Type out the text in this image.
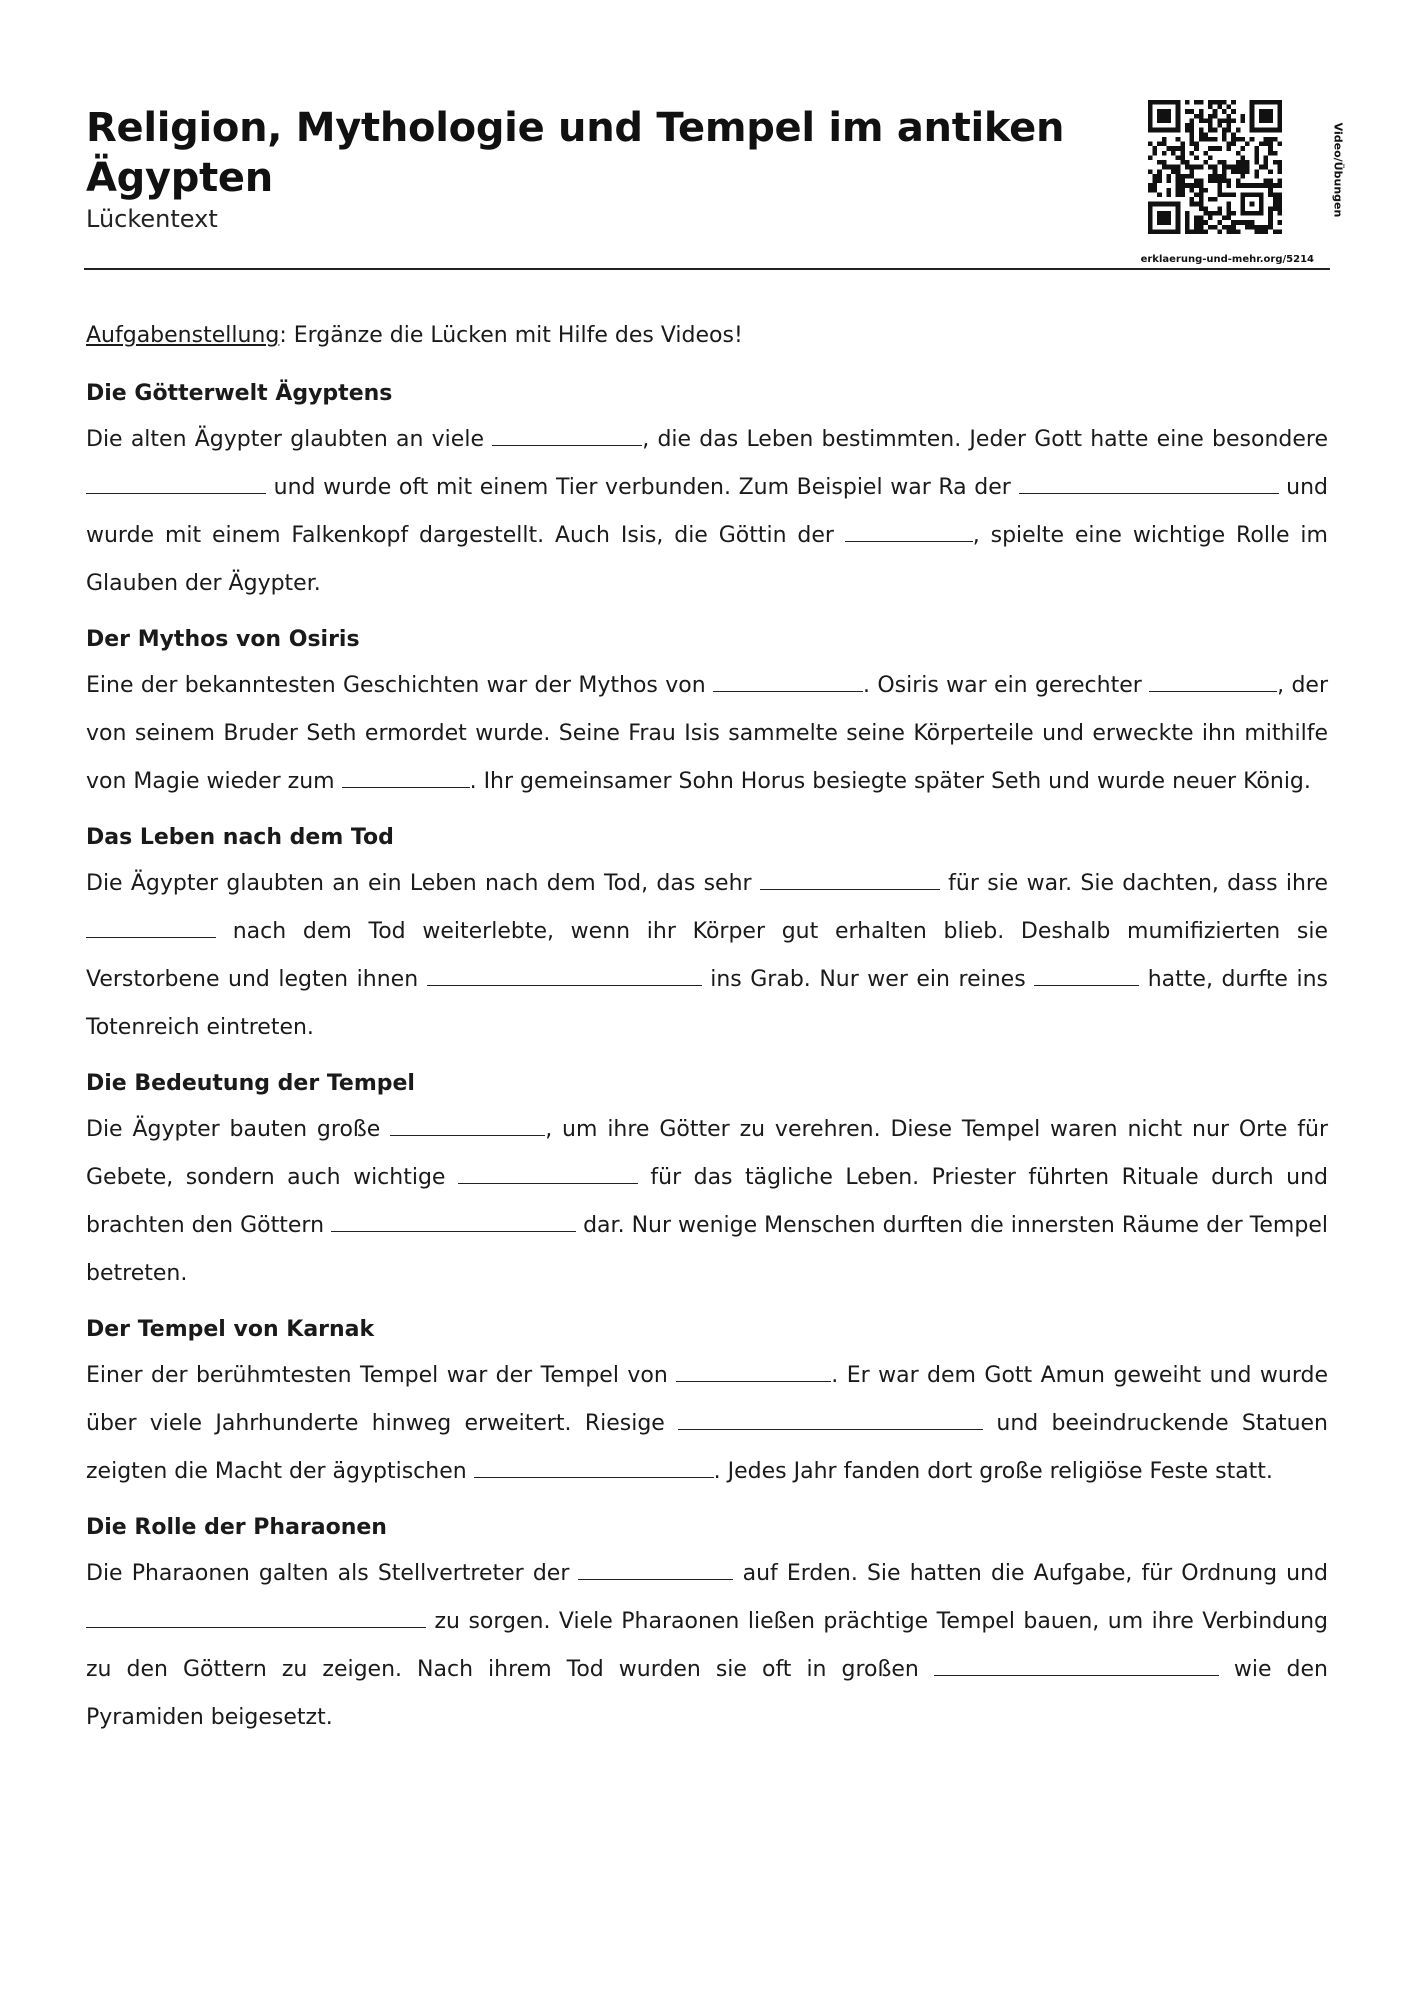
Religion, Mythologie und Tempel im antiken Ägypten

Lückentext

Video/Übungen
erklaerung-und-mehr.org/5214

Aufgabenstellung: Ergänze die Lücken mit Hilfe des Videos!

Die Götterwelt Ägyptens

Die alten Ägypter glaubten an viele	, die das Leben bestimmten. Jeder Gott hatte eine besondere  und wurde oft mit einem Tier verbunden. Zum Beispiel war Ra der	und wurde mit einem Falkenkopf dargestellt. Auch Isis, die Göttin der	, spielte eine wichtige Rolle im Glauben der Ägypter.

Der Mythos von Osiris

Eine der bekanntesten Geschichten war der Mythos von	. Osiris war ein gerechter	, der von seinem Bruder Seth ermordet wurde. Seine Frau Isis sammelte seine Körperteile und erweckte ihn mithilfe von Magie wieder zum	. Ihr gemeinsamer Sohn Horus besiegte später Seth und wurde neuer König.

Das Leben nach dem Tod

Die Ägypter glaubten an ein Leben nach dem Tod, das sehr	für sie war. Sie dachten, dass ihre  nach dem Tod weiterlebte, wenn ihr Körper gut erhalten blieb. Deshalb mumifizierten sie Verstorbene und legten ihnen	ins Grab. Nur wer ein reines	hatte, durfte ins Totenreich eintreten.

Die Bedeutung der Tempel

Die Ägypter bauten große	, um ihre Götter zu verehren. Diese Tempel waren nicht nur Orte für Gebete, sondern auch wichtige	für das tägliche Leben. Priester führten Rituale durch und brachten den Göttern	dar. Nur wenige Menschen durften die innersten Räume der Tempel betreten.

Der Tempel von Karnak

Einer der berühmtesten Tempel war der Tempel von	. Er war dem Gott Amun geweiht und wurde über viele Jahrhunderte hinweg erweitert. Riesige	und beeindruckende Statuen zeigten die Macht der ägyptischen	. Jedes Jahr fanden dort große religiöse Feste statt.

Die Rolle der Pharaonen

Die Pharaonen galten als Stellvertreter der	auf Erden. Sie hatten die Aufgabe, für Ordnung und  zu sorgen. Viele Pharaonen ließen prächtige Tempel bauen, um ihre Verbindung zu den Göttern zu zeigen. Nach ihrem Tod wurden sie oft in großen	wie den Pyramiden beigesetzt.
